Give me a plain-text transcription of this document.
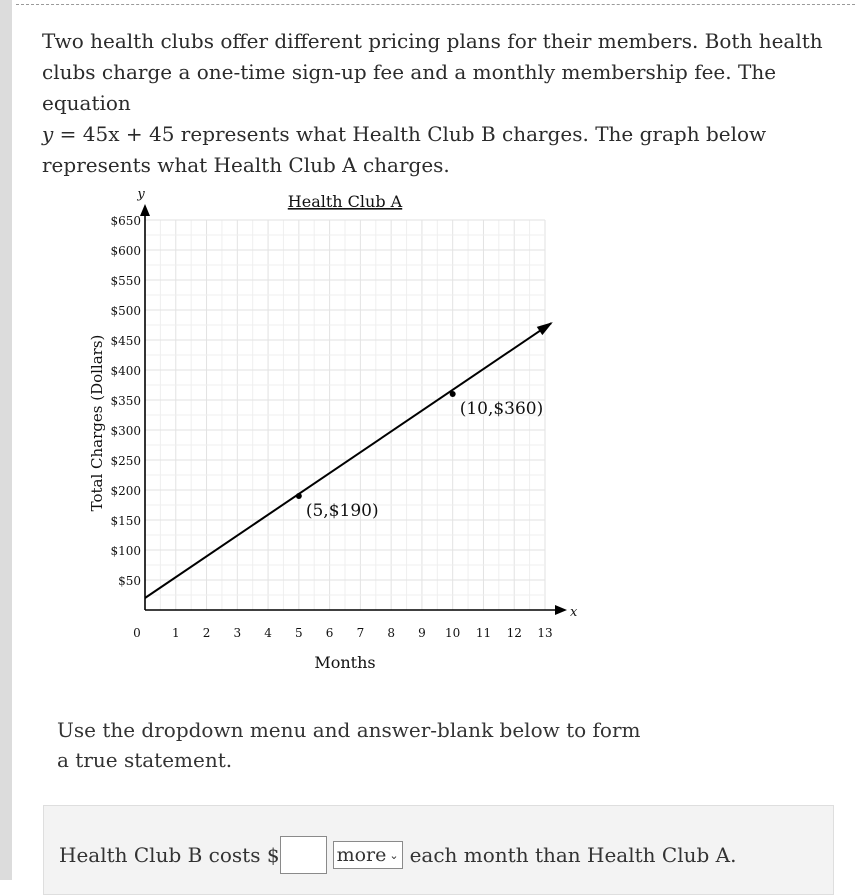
Two health clubs offer different pricing plans for their members. Both health clubs charge a one-time sign-up fee and a monthly membership fee. The equation
y = 45x + 45 represents what Health Club B charges. The graph below represents what Health Club A charges.

x
y
1 2 3 4 5 6 7 8 9 10 11 12 13
0
$50
$100
$150
$200
$250
$300
$350
$400
$450
$500
$550
$600
$650
Health Club A
Months
Total Charges (Dollars)	(5,$190)
(10,$360)

Use the dropdown menu and answer-blank below to form a true statement.

Health Club B costs $	more ⌄ each month than Health Club A.
